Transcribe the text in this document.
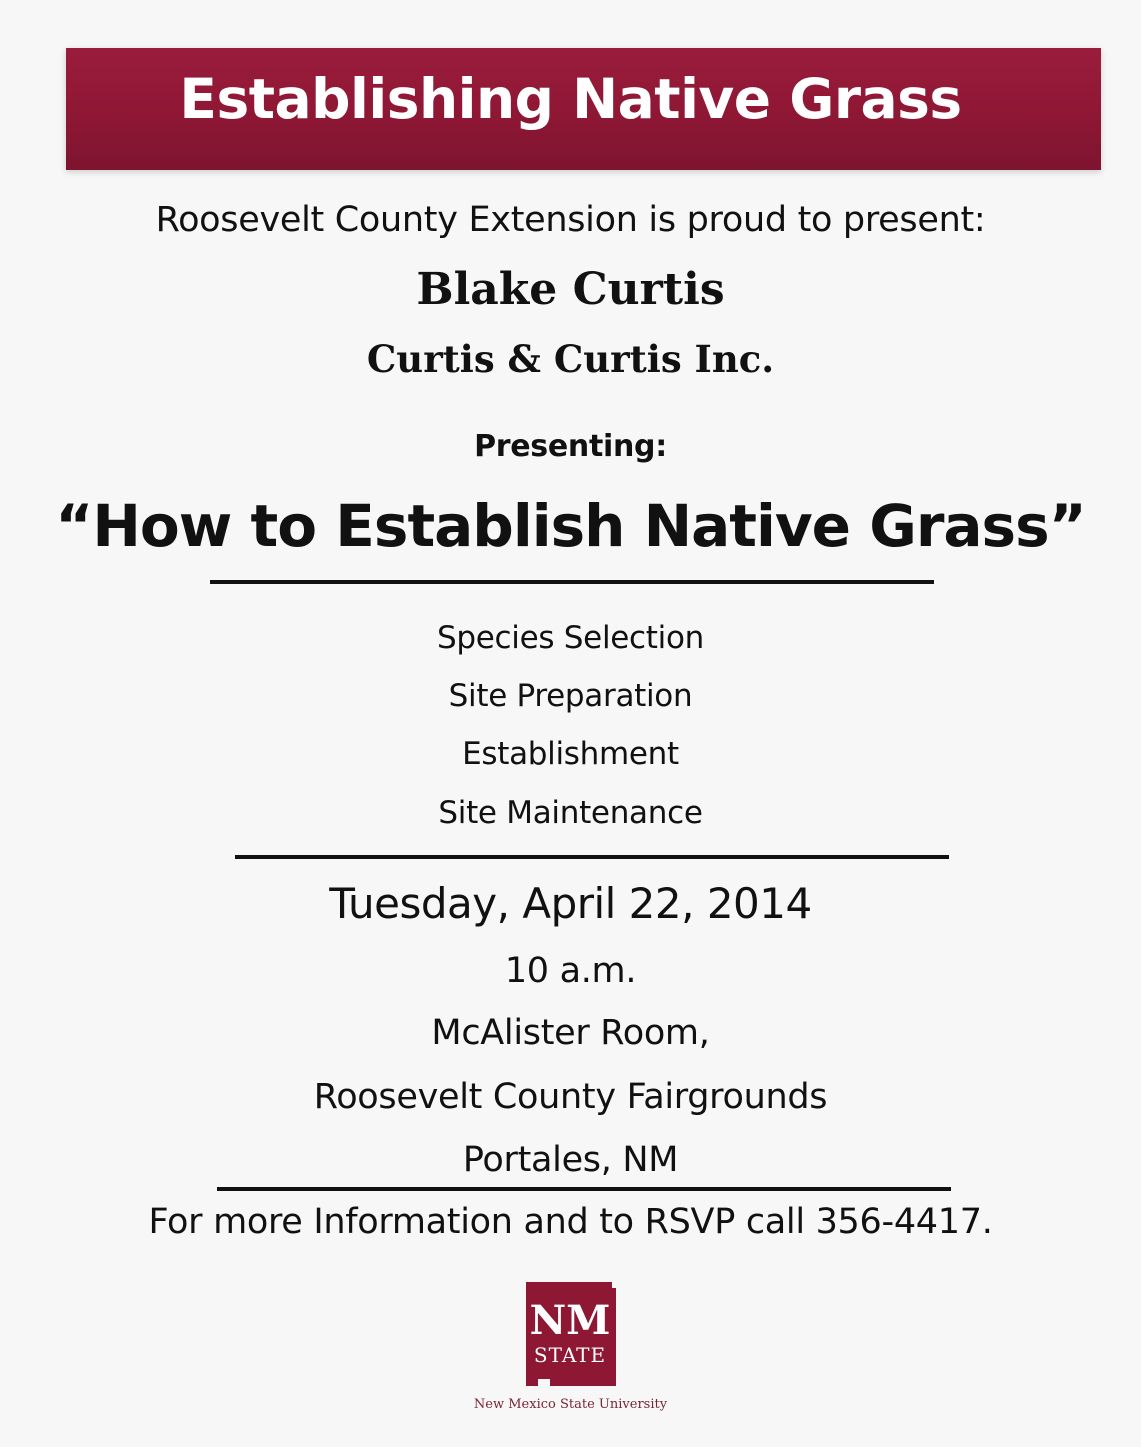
Establishing Native Grass

Roosevelt County Extension is proud to present:

Blake Curtis

Curtis & Curtis Inc.

Presenting:

“How to Establish Native Grass”

Species Selection

Site Preparation

Establishment

Site Maintenance

Tuesday, April 22, 2014

10 a.m.

McAlister Room,

Roosevelt County Fairgrounds

Portales, NM

For more Information and to RSVP call 356-4417.

NM
STATE

New Mexico State University
